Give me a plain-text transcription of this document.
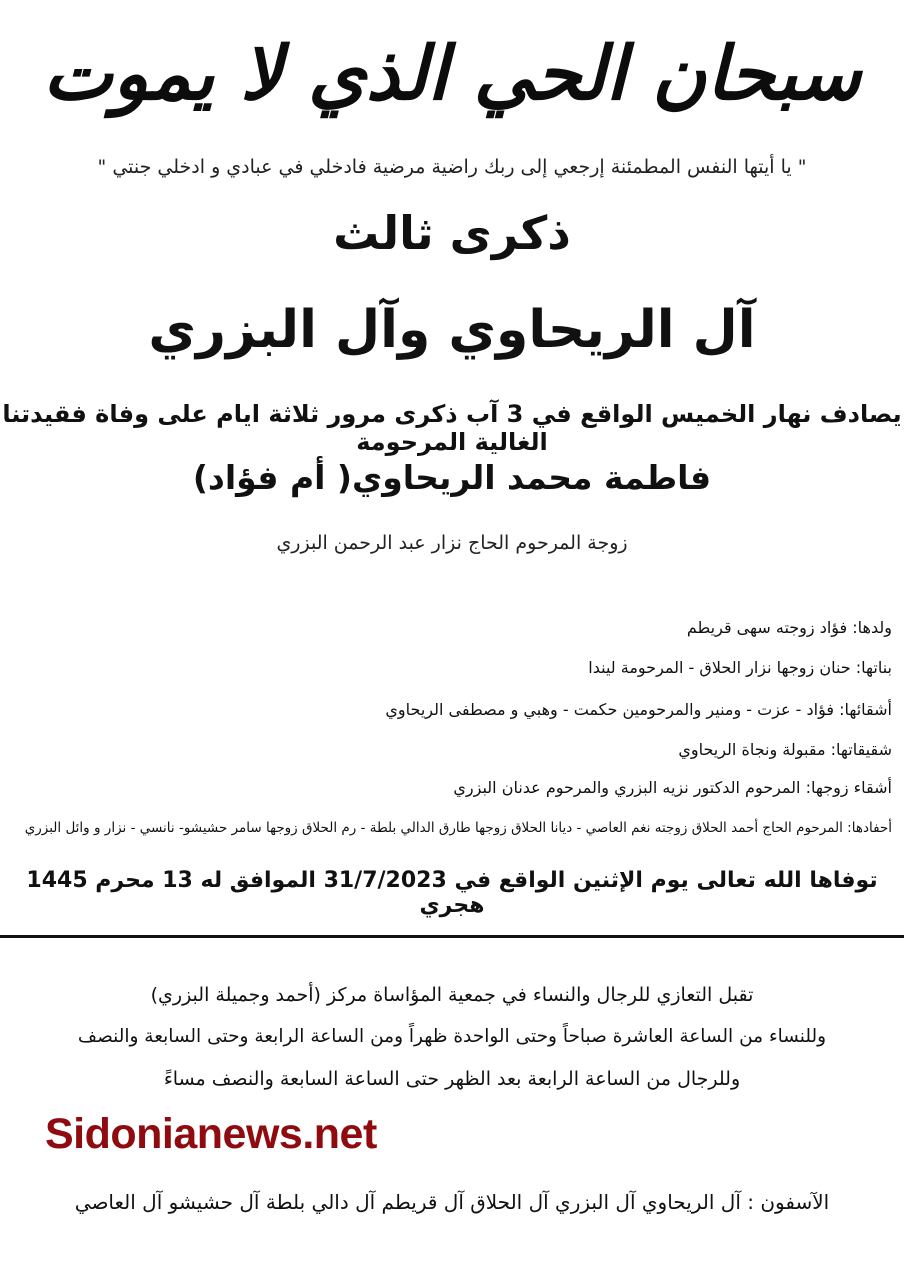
سبحان الحي الذي لا يموت
" يا أيتها النفس المطمئنة إرجعي إلى ربك راضية مرضية فادخلي في عبادي و ادخلي جنتي "
ذكرى ثالث
آل الريحاوي وآل البزري
يصادف نهار الخميس الواقع في 3 آب ذكرى مرور ثلاثة ايام على وفاة فقيدتنا الغالية المرحومة
فاطمة محمد الريحاوي( أم فؤاد)
زوجة المرحوم الحاج نزار عبد الرحمن البزري
ولدها: فؤاد زوجته سهى قريطم
بناتها: حنان زوجها نزار الحلاق - المرحومة ليندا
أشقائها: فؤاد - عزت - ومنير والمرحومين حكمت - وهبي و مصطفى الريحاوي
شقيقاتها: مقبولة ونجاة الريحاوي
أشقاء زوجها: المرحوم الدكتور نزيه البزري والمرحوم عدنان البزري
أحفادها: المرحوم الحاج أحمد الحلاق زوجته نغم العاصي - ديانا الحلاق زوجها طارق الدالي بلطة - رم الحلاق زوجها سامر حشيشو- نانسي - نزار و وائل البزري
توفاها الله تعالى يوم الإثنين الواقع في 31/7/2023 الموافق له 13 محرم 1445 هجري
تقبل التعازي للرجال والنساء في جمعية المؤاساة مركز (أحمد وجميلة البزري)
وللنساء من الساعة العاشرة صباحاً وحتى الواحدة ظهراً ومن الساعة الرابعة وحتى السابعة والنصف
وللرجال من الساعة الرابعة بعد الظهر حتى الساعة السابعة والنصف مساءً
الآسفون : آل الريحاوي آل البزري آل الحلاق آل قريطم آل دالي بلطة آل حشيشو آل العاصي
Sidonianews.net
